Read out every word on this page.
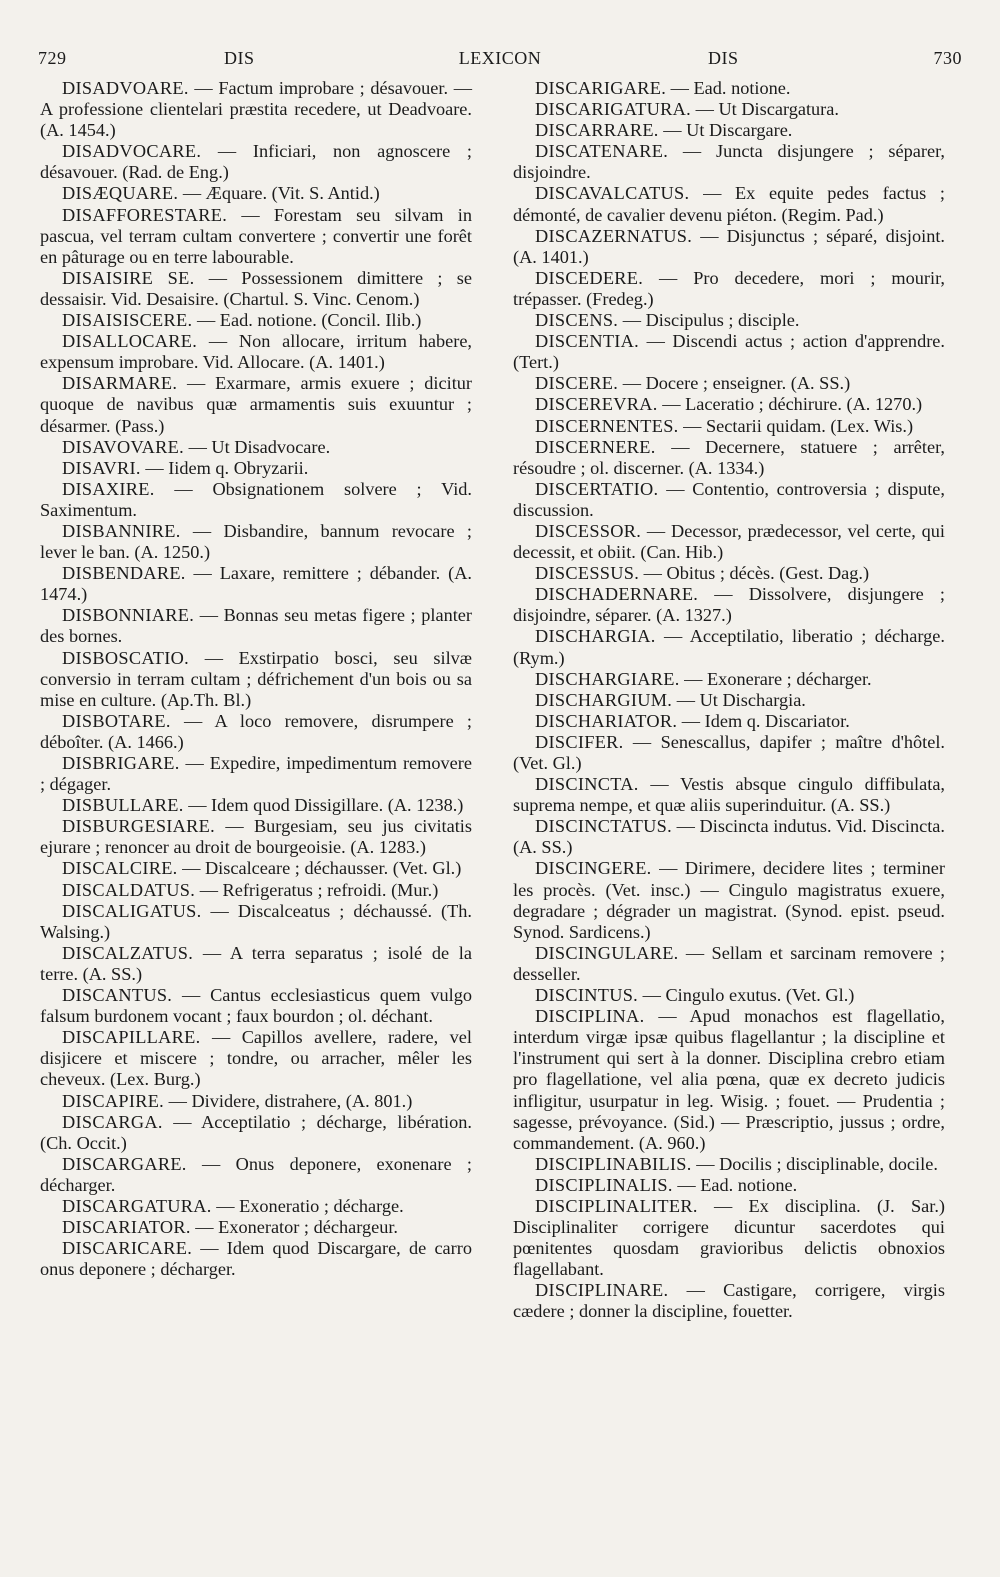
729	DIS	LEXICON	DIS	730

DISADVOARE. — Factum improbare ; désavouer. — A professione clientelari præstita recedere, ut Deadvoare. (A. 1454.)

DISADVOCARE. — Inficiari, non agnoscere ; désavouer. (Rad. de Eng.)

DISÆQUARE. — Æquare. (Vit. S. Antid.)

DISAFFORESTARE. — Forestam seu silvam in pascua, vel terram cultam convertere ; convertir une forêt en pâturage ou en terre labourable.

DISAISIRE SE. — Possessionem dimittere ; se dessaisir. Vid. Desaisire. (Chartul. S. Vinc. Cenom.)

DISAISISCERE. — Ead. notione. (Concil. Ilib.)

DISALLOCARE. — Non allocare, irritum habere, expensum improbare. Vid. Allocare. (A. 1401.)

DISARMARE. — Exarmare, armis exuere ; dicitur quoque de navibus quæ armamentis suis exuuntur ; désarmer. (Pass.)

DISAVOVARE. — Ut Disadvocare.

DISAVRI. — Iidem q. Obryzarii.

DISAXIRE. — Obsignationem solvere ; Vid. Saximentum.

DISBANNIRE. — Disbandire, bannum revocare ; lever le ban. (A. 1250.)

DISBENDARE. — Laxare, remittere ; débander. (A. 1474.)

DISBONNIARE. — Bonnas seu metas figere ; planter des bornes.

DISBOSCATIO. — Exstirpatio bosci, seu silvæ conversio in terram cultam ; défrichement d'un bois ou sa mise en culture. (Ap.Th. Bl.)

DISBOTARE. — A loco removere, disrumpere ; déboîter. (A. 1466.)

DISBRIGARE. — Expedire, impedimentum removere ; dégager.

DISBULLARE. — Idem quod Dissigillare. (A. 1238.)

DISBURGESIARE. — Burgesiam, seu jus civitatis ejurare ; renoncer au droit de bourgeoisie. (A. 1283.)

DISCALCIRE. — Discalceare ; déchausser. (Vet. Gl.)

DISCALDATUS. — Refrigeratus ; refroidi. (Mur.)

DISCALIGATUS. — Discalceatus ; déchaussé. (Th. Walsing.)

DISCALZATUS. — A terra separatus ; isolé de la terre. (A. SS.)

DISCANTUS. — Cantus ecclesiasticus quem vulgo falsum burdonem vocant ; faux bourdon ; ol. déchant.

DISCAPILLARE. — Capillos avellere, radere, vel disjicere et miscere ; tondre, ou arracher, mêler les cheveux. (Lex. Burg.)

DISCAPIRE. — Dividere, distrahere, (A. 801.)

DISCARGA. — Acceptilatio ; décharge, libération. (Ch. Occit.)

DISCARGARE. — Onus deponere, exonenare ; décharger.

DISCARGATURA. — Exoneratio ; décharge.

DISCARIATOR. — Exonerator ; déchargeur.

DISCARICARE. — Idem quod Discargare, de carro onus deponere ; décharger.

DISCARIGARE. — Ead. notione.

DISCARIGATURA. — Ut Discargatura.

DISCARRARE. — Ut Discargare.

DISCATENARE. — Juncta disjungere ; séparer, disjoindre.

DISCAVALCATUS. — Ex equite pedes factus ; démonté, de cavalier devenu piéton. (Regim. Pad.)

DISCAZERNATUS. — Disjunctus ; séparé, disjoint. (A. 1401.)

DISCEDERE. — Pro decedere, mori ; mourir, trépasser. (Fredeg.)

DISCENS. — Discipulus ; disciple.

DISCENTIA. — Discendi actus ; action d'apprendre. (Tert.)

DISCERE. — Docere ; enseigner. (A. SS.)

DISCEREVRA. — Laceratio ; déchirure. (A. 1270.)

DISCERNENTES. — Sectarii quidam. (Lex. Wis.)

DISCERNERE. — Decernere, statuere ; arrêter, résoudre ; ol. discerner. (A. 1334.)

DISCERTATIO. — Contentio, controversia ; dispute, discussion.

DISCESSOR. — Decessor, prædecessor, vel certe, qui decessit, et obiit. (Can. Hib.)

DISCESSUS. — Obitus ; décès. (Gest. Dag.)

DISCHADERNARE. — Dissolvere, disjungere ; disjoindre, séparer. (A. 1327.)

DISCHARGIA. — Acceptilatio, liberatio ; décharge. (Rym.)

DISCHARGIARE. — Exonerare ; décharger.

DISCHARGIUM. — Ut Dischargia.

DISCHARIATOR. — Idem q. Discariator.

DISCIFER. — Senescallus, dapifer ; maître d'hôtel. (Vet. Gl.)

DISCINCTA. — Vestis absque cingulo diffibulata, suprema nempe, et quæ aliis superinduitur. (A. SS.)

DISCINCTATUS. — Discincta indutus. Vid. Discincta. (A. SS.)

DISCINGERE. — Dirimere, decidere lites ; terminer les procès. (Vet. insc.) — Cingulo magistratus exuere, degradare ; dégrader un magistrat. (Synod. epist. pseud. Synod. Sardicens.)

DISCINGULARE. — Sellam et sarcinam removere ; desseller.

DISCINTUS. — Cingulo exutus. (Vet. Gl.)

DISCIPLINA. — Apud monachos est flagellatio, interdum virgæ ipsæ quibus flagellantur ; la discipline et l'instrument qui sert à la donner. Disciplina crebro etiam pro flagellatione, vel alia pœna, quæ ex decreto judicis infligitur, usurpatur in leg. Wisig. ; fouet. — Prudentia ; sagesse, prévoyance. (Sid.) — Præscriptio, jussus ; ordre, commandement. (A. 960.)

DISCIPLINABILIS. — Docilis ; disciplinable, docile.

DISCIPLINALIS. — Ead. notione.

DISCIPLINALITER. — Ex disciplina. (J. Sar.) Disciplinaliter corrigere dicuntur sacerdotes qui pœnitentes quosdam gravioribus delictis obnoxios flagellabant.

DISCIPLINARE. — Castigare, corrigere, virgis cædere ; donner la discipline, fouetter.
